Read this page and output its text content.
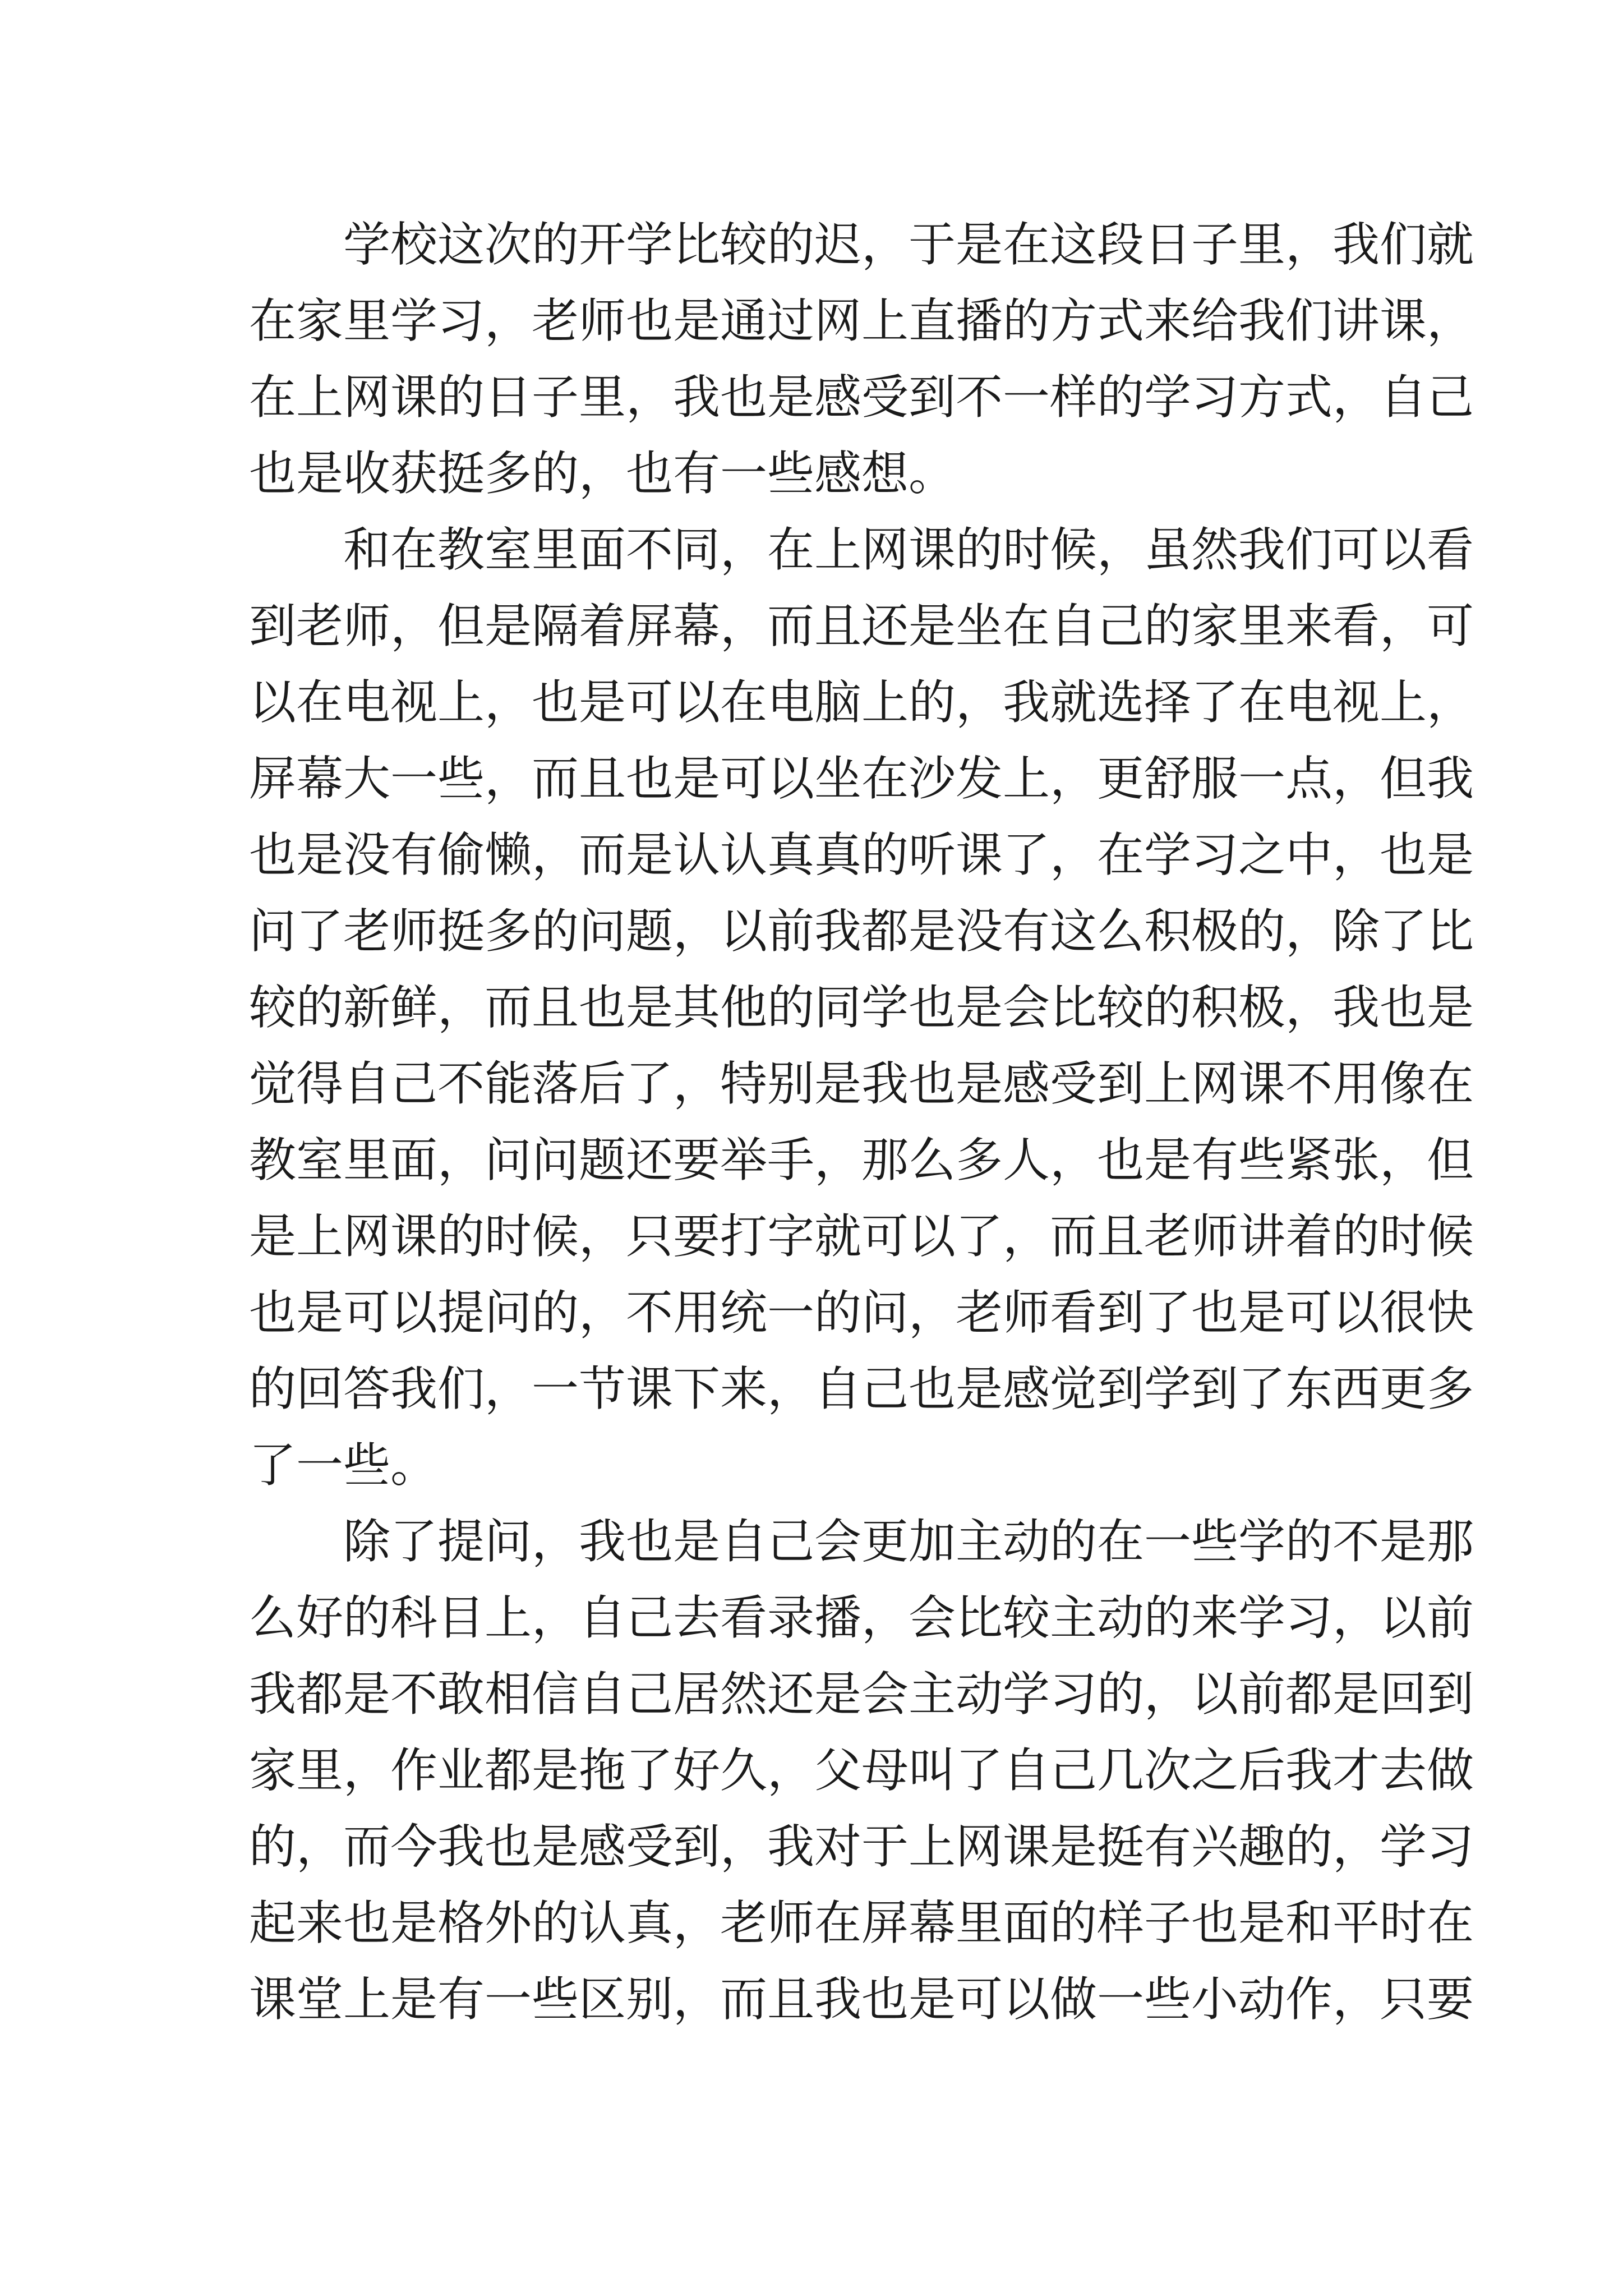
　　学校这次的开学比较的迟，于是在这段日子里，我们就
在家里学习，老师也是通过网上直播的方式来给我们讲课，
在上网课的日子里，我也是感受到不一样的学习方式，自己
也是收获挺多的，也有一些感想。
　　和在教室里面不同，在上网课的时候，虽然我们可以看
到老师，但是隔着屏幕，而且还是坐在自己的家里来看，可
以在电视上，也是可以在电脑上的，我就选择了在电视上，
屏幕大一些，而且也是可以坐在沙发上，更舒服一点，但我
也是没有偷懒，而是认认真真的听课了，在学习之中，也是
问了老师挺多的问题，以前我都是没有这么积极的，除了比
较的新鲜，而且也是其他的同学也是会比较的积极，我也是
觉得自己不能落后了，特别是我也是感受到上网课不用像在
教室里面，问问题还要举手，那么多人，也是有些紧张，但
是上网课的时候，只要打字就可以了，而且老师讲着的时候
也是可以提问的，不用统一的问，老师看到了也是可以很快
的回答我们，一节课下来，自己也是感觉到学到了东西更多
了一些。
　　除了提问，我也是自己会更加主动的在一些学的不是那
么好的科目上，自己去看录播，会比较主动的来学习，以前
我都是不敢相信自己居然还是会主动学习的，以前都是回到
家里，作业都是拖了好久，父母叫了自己几次之后我才去做
的，而今我也是感受到，我对于上网课是挺有兴趣的，学习
起来也是格外的认真，老师在屏幕里面的样子也是和平时在
课堂上是有一些区别，而且我也是可以做一些小动作，只要
